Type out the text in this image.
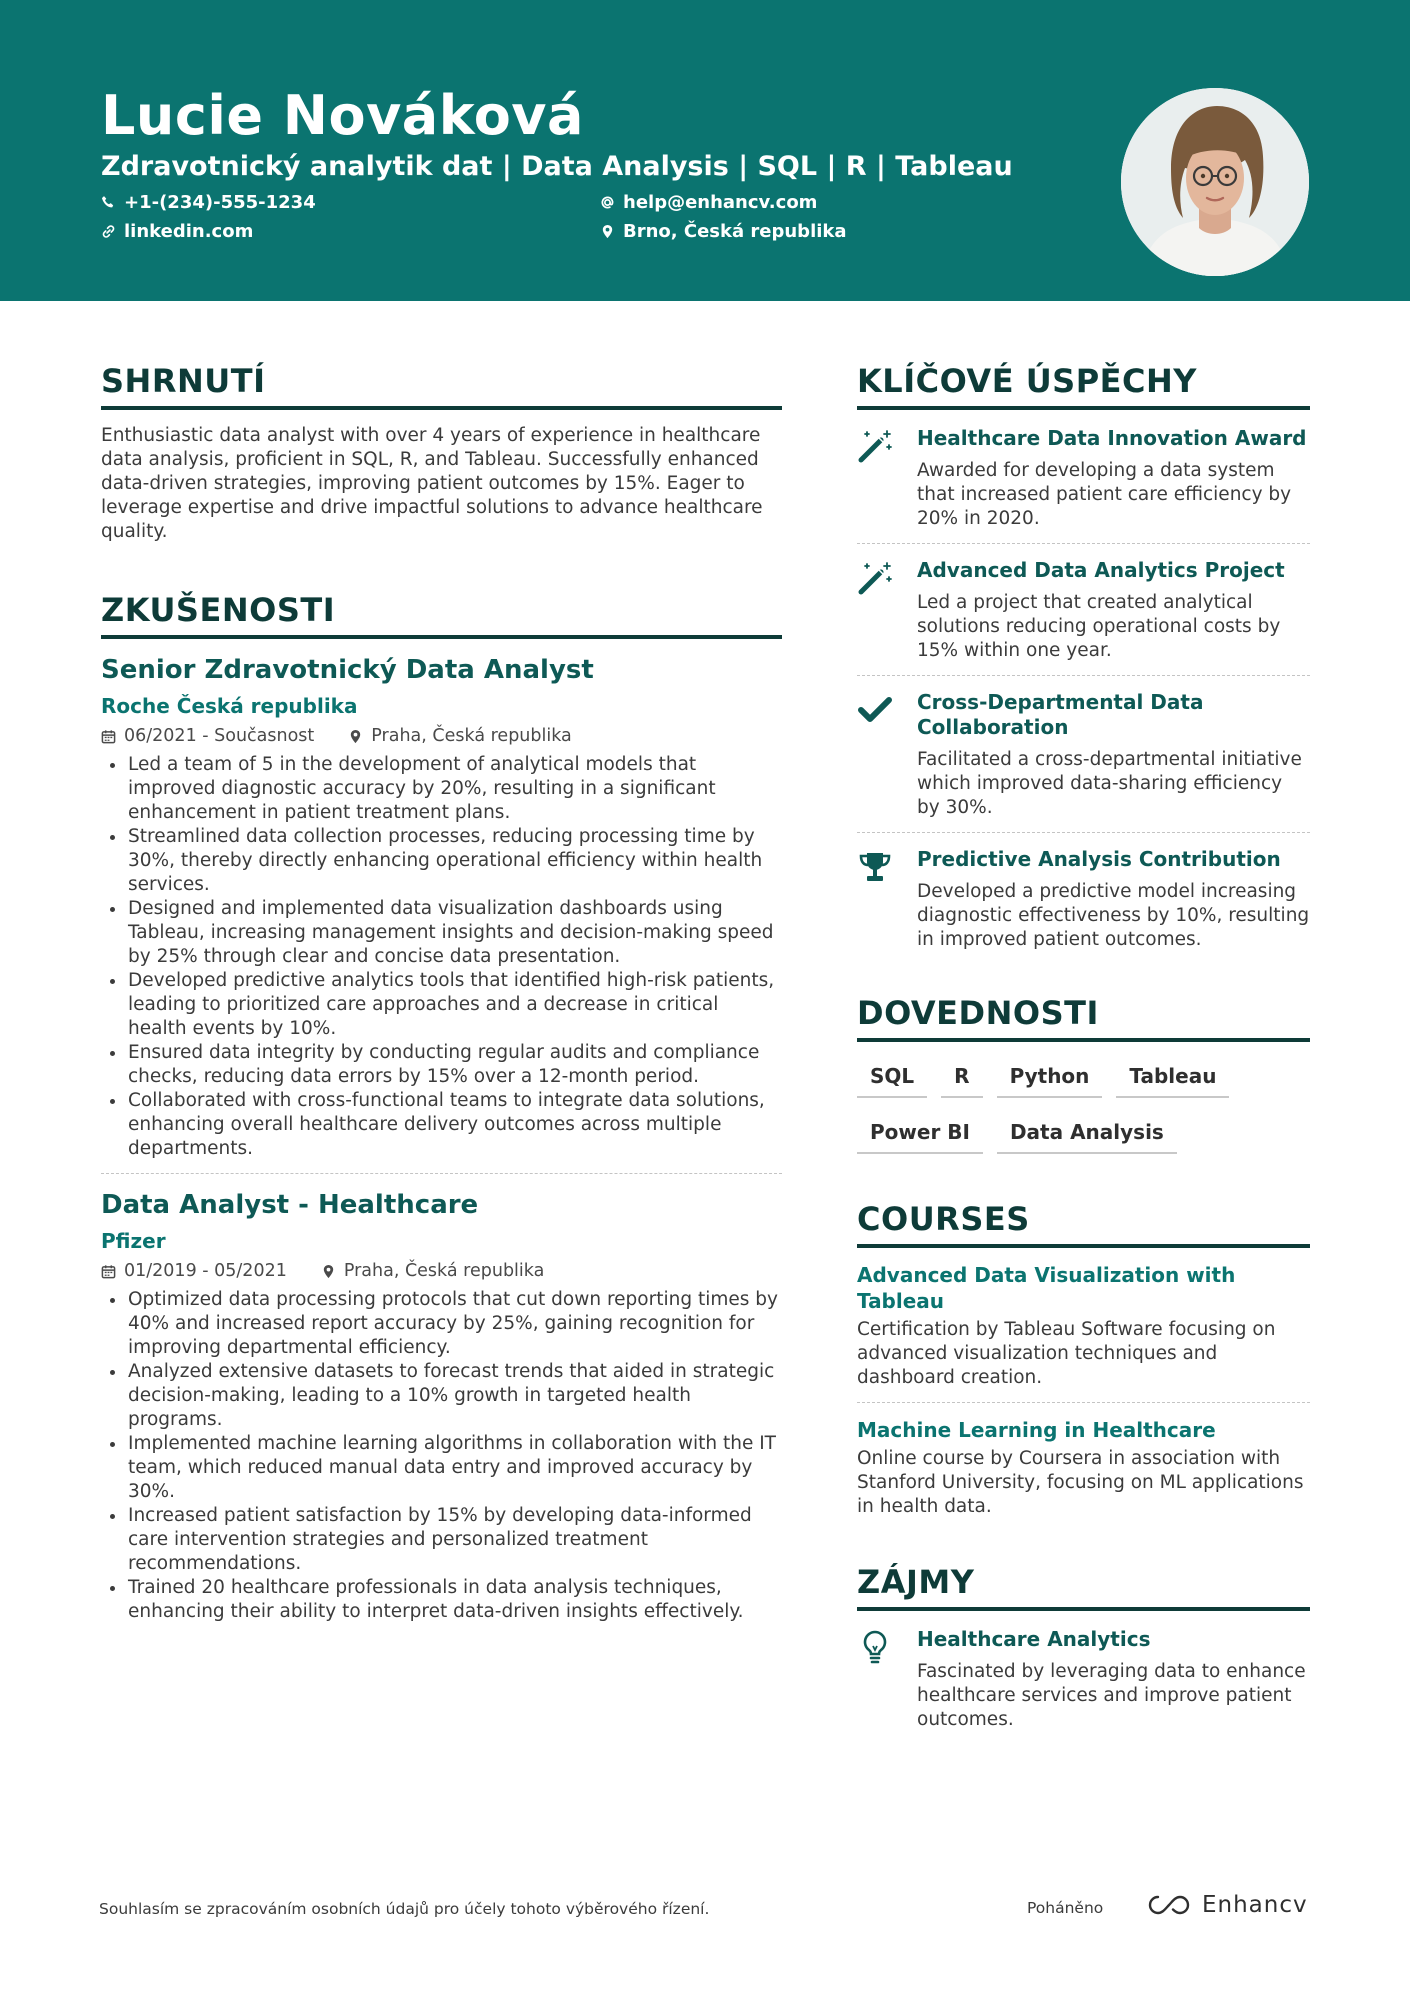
Lucie Nováková
Zdravotnický analytik dat | Data Analysis | SQL | R | Tableau
+1-(234)-555-1234	help@enhancv.com
linkedin.com	Brno, Česká republika
SHRNUTÍ

Enthusiastic data analyst with over 4 years of experience in healthcare data analysis, proficient in SQL, R, and Tableau. Successfully enhanced data-driven strategies, improving patient outcomes by 15%. Eager to leverage expertise and drive impactful solutions to advance healthcare quality.

ZKUŠENOSTI
Senior Zdravotnický Data Analyst
Roche Česká republika
06/2021 - Současnost	Praha, Česká republika
Led a team of 5 in the development of analytical models that improved diagnostic accuracy by 20%, resulting in a significant enhancement in patient treatment plans.
Streamlined data collection processes, reducing processing time by 30%, thereby directly enhancing operational efficiency within health services.
Designed and implemented data visualization dashboards using Tableau, increasing management insights and decision-making speed by 25% through clear and concise data presentation.
Developed predictive analytics tools that identified high-risk patients, leading to prioritized care approaches and a decrease in critical health events by 10%.
Ensured data integrity by conducting regular audits and compliance checks, reducing data errors by 15% over a 12-month period.
Collaborated with cross-functional teams to integrate data solutions, enhancing overall healthcare delivery outcomes across multiple departments.
Data Analyst - Healthcare
Pfizer
01/2019 - 05/2021	Praha, Česká republika
Optimized data processing protocols that cut down reporting times by 40% and increased report accuracy by 25%, gaining recognition for improving departmental efficiency.
Analyzed extensive datasets to forecast trends that aided in strategic decision-making, leading to a 10% growth in targeted health programs.
Implemented machine learning algorithms in collaboration with the IT team, which reduced manual data entry and improved accuracy by 30%.
Increased patient satisfaction by 15% by developing data-informed care intervention strategies and personalized treatment recommendations.
Trained 20 healthcare professionals in data analysis techniques, enhancing their ability to interpret data-driven insights effectively.
KLÍČOVÉ ÚSPĚCHY
Healthcare Data Innovation Award
Awarded for developing a data system that increased patient care efficiency by 20% in 2020.
Advanced Data Analytics Project
Led a project that created analytical solutions reducing operational costs by 15% within one year.
Cross-Departmental Data Collaboration
Facilitated a cross-departmental initiative which improved data-sharing efficiency by 30%.
Predictive Analysis Contribution
Developed a predictive model increasing diagnostic effectiveness by 10%, resulting in improved patient outcomes.
DOVEDNOSTI
SQL	R	Python	Tableau
Power BI	Data Analysis
COURSES
Advanced Data Visualization with Tableau
Certification by Tableau Software focusing on advanced visualization techniques and dashboard creation.
Machine Learning in Healthcare
Online course by Coursera in association with Stanford University, focusing on ML applications in health data.
ZÁJMY
Healthcare Analytics
Fascinated by leveraging data to enhance healthcare services and improve patient outcomes.
Souhlasím se zpracováním osobních údajů pro účely tohoto výběrového řízení.	Poháněno	Enhancv
